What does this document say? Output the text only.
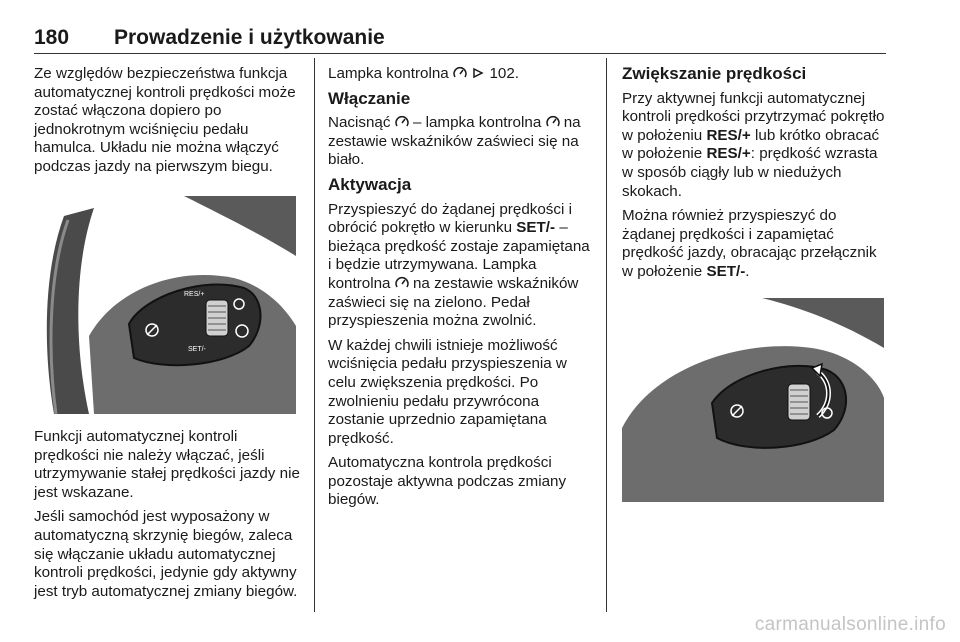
180 Prowadzenie i użytkowanie

Ze względów bezpieczeństwa funkcja automatycznej kontroli prędkości może zostać włączona dopiero po jednokrotnym wciśnięciu pedału hamulca. Układu nie można włączyć podczas jazdy na pierwszym biegu.

RES/+
SET/-

Funkcji automatycznej kontroli prędkości nie należy włączać, jeśli utrzymywanie stałej prędkości jazdy nie jest wskazane.

Jeśli samochód jest wyposażony w automatyczną skrzynię biegów, zaleca się włączanie układu automatycznej kontroli prędkości, jedynie gdy aktywny jest tryb automatycznej zmiany biegów.

Lampka kontrolna	102.

Włączanie

Nacisnąć – lampka kontrolna na zestawie wskaźników zaświeci się na biało.

Aktywacja

Przyspieszyć do żądanej prędkości i obrócić pokrętło w kierunku SET/- – bieżąca prędkość zostaje zapamiętana i będzie utrzymywana. Lampka kontrolna na zestawie wskaźników zaświeci się na zielono. Pedał przyspieszenia można zwolnić.

W każdej chwili istnieje możliwość wciśnięcia pedału przyspieszenia w celu zwiększenia prędkości. Po zwolnieniu pedału przywrócona zostanie uprzednio zapamiętana prędkość.

Automatyczna kontrola prędkości pozostaje aktywna podczas zmiany biegów.

Zwiększanie prędkości

Przy aktywnej funkcji automatycznej kontroli prędkości przytrzymać pokrętło w położeniu RES/+ lub krótko obracać w położenie RES/+: prędkość wzrasta w sposób ciągły lub w niedużych skokach.

Można również przyspieszyć do żądanej prędkości i zapamiętać prędkość jazdy, obracając przełącznik w położenie SET/-.

carmanualsonline.info
